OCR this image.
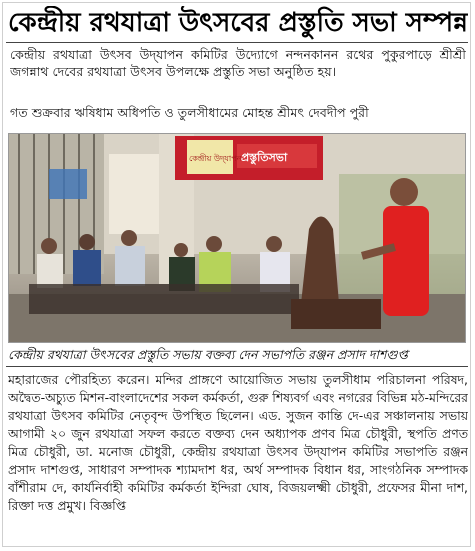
কেন্দ্রীয় রথযাত্রা উৎসবের প্রস্তুতি সভা সম্পন্ন
কেন্দ্রীয় রথযাত্রা উৎসব উদ্‌যাপন কমিটির উদ্যোগে নন্দনকানন রথের পুকুরপাড়ে শ্রীশ্রী জগন্নাথ দেবের রথযাত্রা উৎসব উপলক্ষে প্রস্তুতি সভা অনুষ্ঠিত হয়।
গত শুক্রবার ঋষিধাম অধিপতি ও তুলসীধামের মোহন্ত শ্রীমৎ দেবদীপ পুরী
কেন্দ্রীয় উদ্‌যাপন প্রস্তুতিসভা
কেন্দ্রীয় রথযাত্রা উৎসবের প্রস্তুতি সভায় বক্তব্য দেন সভাপতি রঞ্জন প্রসাদ দাশগুপ্ত
মহারাজের পৌরহিত্য করেন। মন্দির প্রাঙ্গণে আয়োজিত সভায় তুলসীধাম পরিচালনা পরিষদ, অদ্বৈত-অচ্যুত মিশন-বাংলাদেশের সকল কর্মকর্তা, গুরু শিষ্যবর্গ এবং নগরের বিভিন্ন মঠ-মন্দিরের রথযাত্রা উৎসব কমিটির নেতৃবৃন্দ উপস্থিত ছিলেন। এড. সুজন কান্তি দে-এর সঞ্চালনায় সভায় আগামী ২০ জুন রথযাত্রা সফল করতে বক্তব্য দেন অধ্যাপক প্রণব মিত্র চৌধুরী, স্থপতি প্রণত মিত্র চৌধুরী, ডা. মনোজ চৌধুরী, কেন্দ্রীয় রথযাত্রা উৎসব উদ্‌যাপন কমিটির সভাপতি রঞ্জন প্রসাদ দাশগুপ্ত, সাধারণ সম্পাদক শ্যামদাশ ধর, অর্থ সম্পাদক বিধান ধর, সাংগঠনিক সম্পাদক বাঁশীরাম দে, কার্যনির্বাহী কমিটির কর্মকর্তা ইন্দিরা ঘোষ, বিজয়লক্ষ্মী চৌধুরী, প্রফেসর মীনা দাশ, রিক্তা দত্ত প্রমুখ। বিজ্ঞপ্তি
